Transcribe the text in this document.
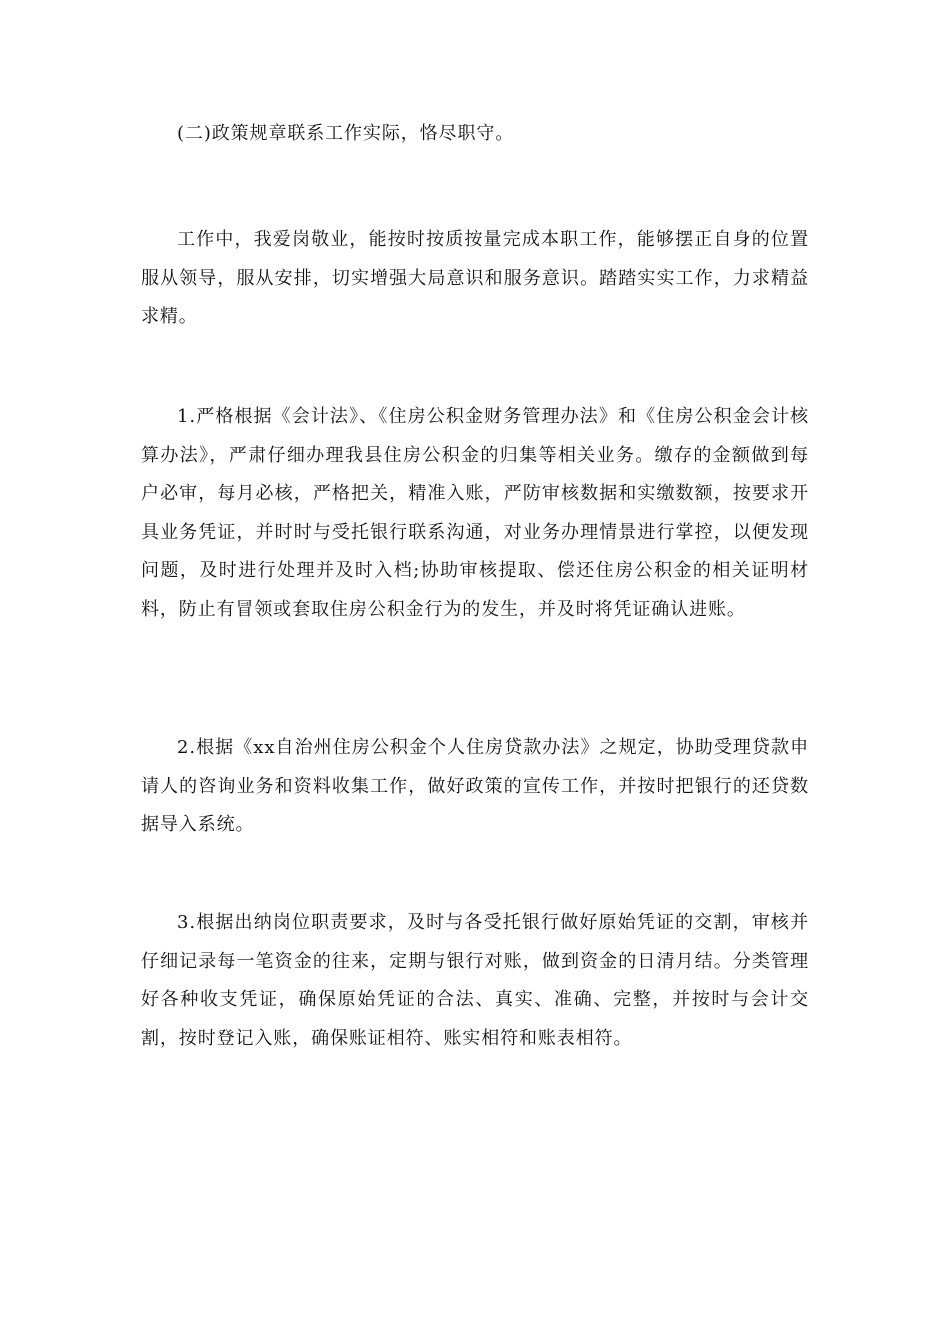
(二)政策规章联系工作实际，恪尽职守。

工作中，我爱岗敬业，能按时按质按量完成本职工作，能够摆正自身的位置服从领导，服从安排，切实增强大局意识和服务意识。踏踏实实工作，力求精益求精。

1.严格根据《会计法》、《住房公积金财务管理办法》和《住房公积金会计核算办法》，严肃仔细办理我县住房公积金的归集等相关业务。缴存的金额做到每户必审，每月必核，严格把关，精准入账，严防审核数据和实缴数额，按要求开具业务凭证，并时时与受托银行联系沟通，对业务办理情景进行掌控，以便发现问题，及时进行处理并及时入档;协助审核提取、偿还住房公积金的相关证明材料，防止有冒领或套取住房公积金行为的发生，并及时将凭证确认进账。

2.根据《xx自治州住房公积金个人住房贷款办法》之规定，协助受理贷款申请人的咨询业务和资料收集工作，做好政策的宣传工作，并按时把银行的还贷数据导入系统。

3.根据出纳岗位职责要求，及时与各受托银行做好原始凭证的交割，审核并仔细记录每一笔资金的往来，定期与银行对账，做到资金的日清月结。分类管理好各种收支凭证，确保原始凭证的合法、真实、准确、完整，并按时与会计交割，按时登记入账，确保账证相符、账实相符和账表相符。
